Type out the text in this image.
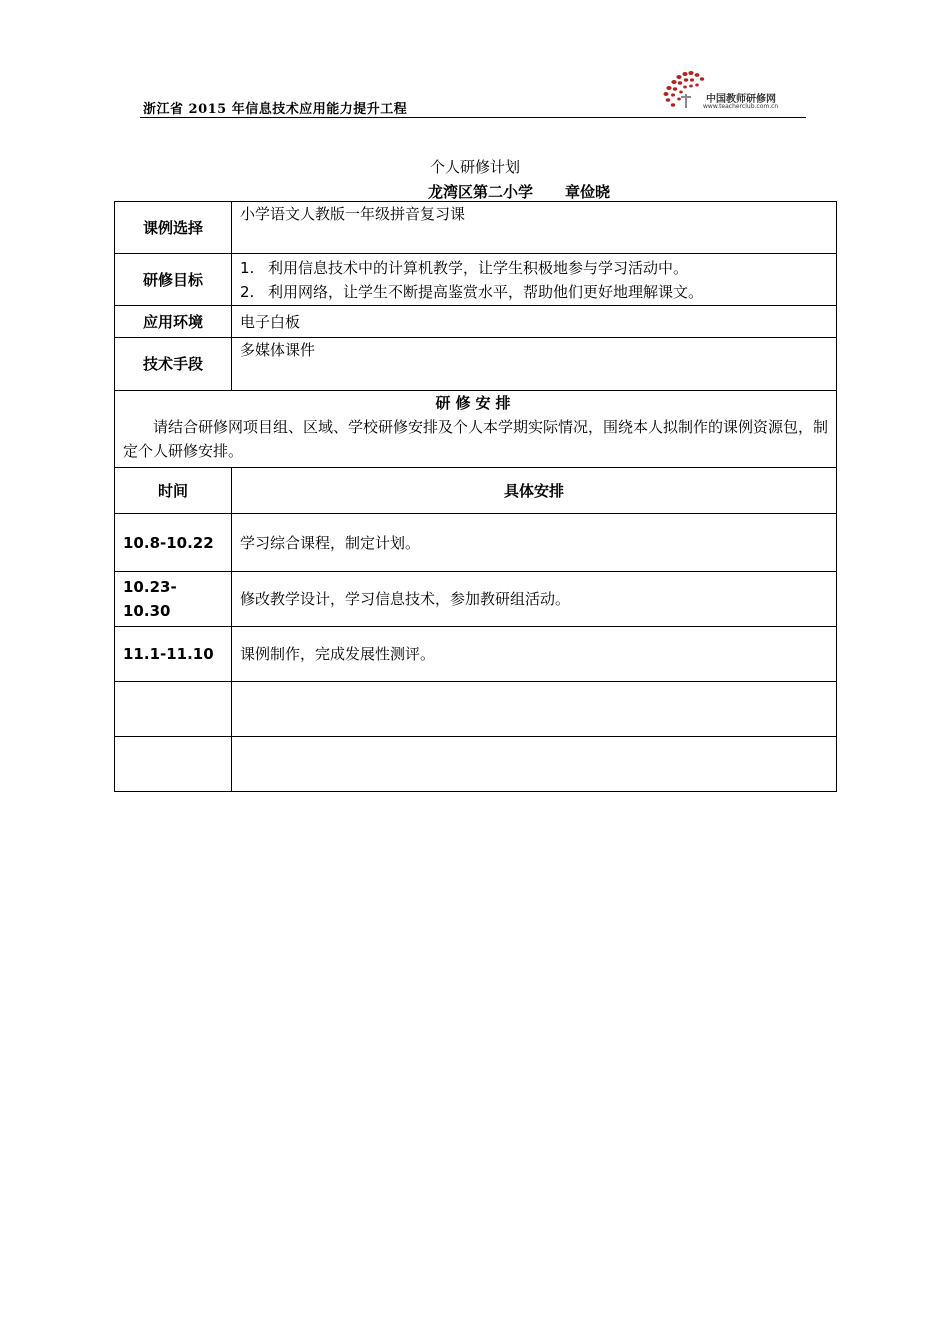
浙江省 2015 年信息技术应用能力提升工程
中国教师研修网
www.teacherclub.com.cn
个人研修计划
龙湾区第二小学 章俭晓
课例选择	小学语文人教版一年级拼音复习课
研修目标	1. 利用信息技术中的计算机教学，让学生积极地参与学习活动中。
2. 利用网络，让学生不断提高鉴赏水平，帮助他们更好地理解课文。

应用环境	电子白板
技术手段	多媒体课件

研修安排
请结合研修网项目组、区域、学校研修安排及个人本学期实际情况，围绕本人拟制作的课例资源包，制定个人研修安排。	

时间	具体安排
10.8-10.22	学习综合课程，制定计划。
10.23-10.30	修改教学设计，学习信息技术，参加教研组活动。
11.1-11.10	课例制作，完成发展性测评。
